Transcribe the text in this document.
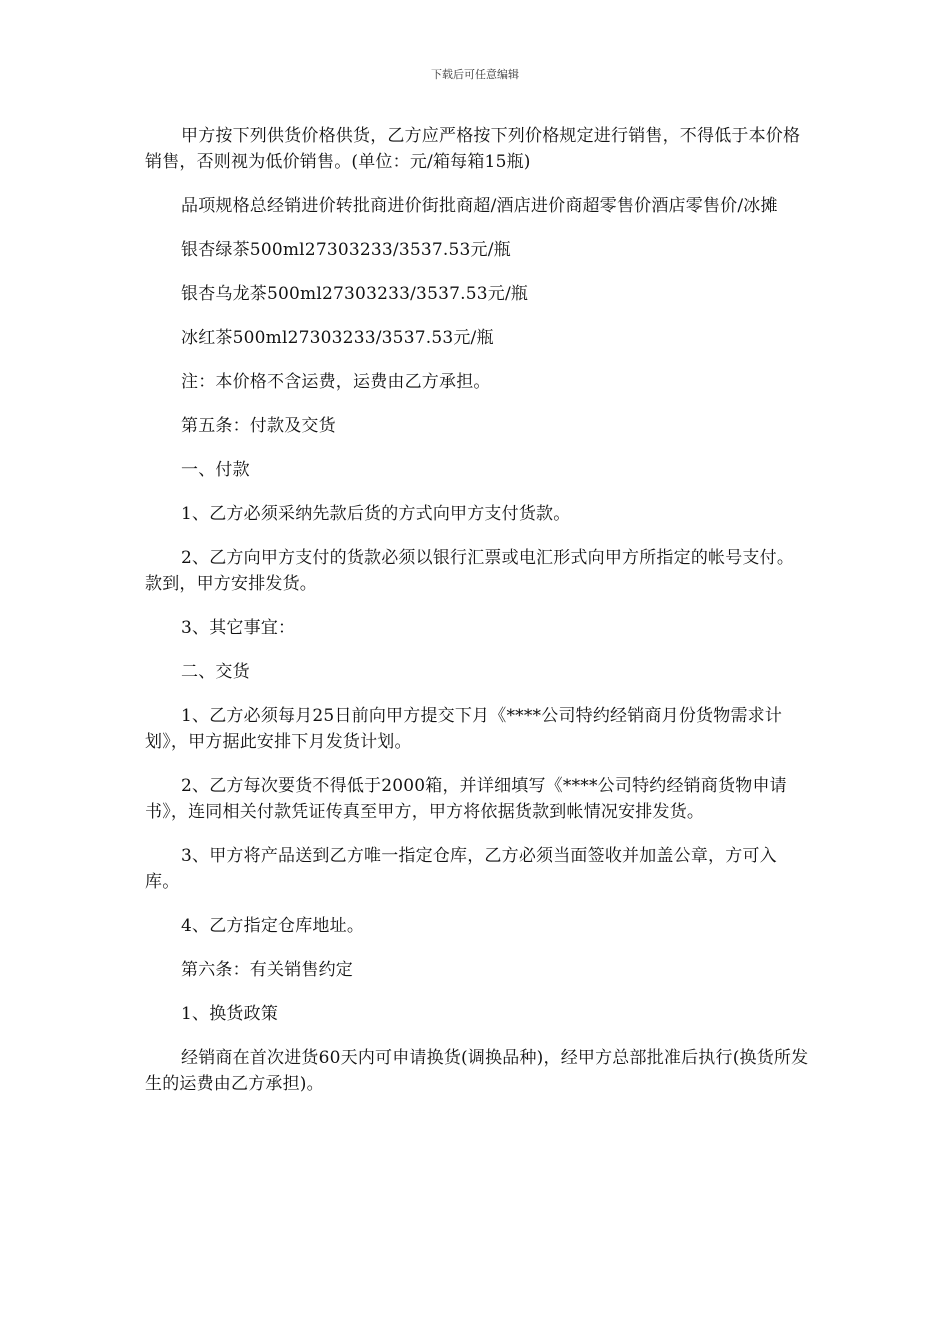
下载后可任意编辑

甲方按下列供货价格供货，乙方应严格按下列价格规定进行销售，不得低于本价格销售，否则视为低价销售。(单位：元/箱每箱15瓶)

品项规格总经销进价转批商进价街批商超/酒店进价商超零售价酒店零售价/冰摊

银杏绿茶500ml27303233/3537.53元/瓶

银杏乌龙茶500ml27303233/3537.53元/瓶

冰红茶500ml27303233/3537.53元/瓶

注：本价格不含运费，运费由乙方承担。

第五条：付款及交货

一、付款

1、乙方必须采纳先款后货的方式向甲方支付货款。

2、乙方向甲方支付的货款必须以银行汇票或电汇形式向甲方所指定的帐号支付。款到，甲方安排发货。

3、其它事宜：

二、交货

1、乙方必须每月25日前向甲方提交下月《****公司特约经销商月份货物需求计划》，甲方据此安排下月发货计划。

2、乙方每次要货不得低于2000箱，并详细填写《****公司特约经销商货物申请书》，连同相关付款凭证传真至甲方，甲方将依据货款到帐情况安排发货。

3、甲方将产品送到乙方唯一指定仓库，乙方必须当面签收并加盖公章，方可入库。

4、乙方指定仓库地址。

第六条：有关销售约定

1、换货政策

经销商在首次进货60天内可申请换货(调换品种)，经甲方总部批准后执行(换货所发生的运费由乙方承担)。
